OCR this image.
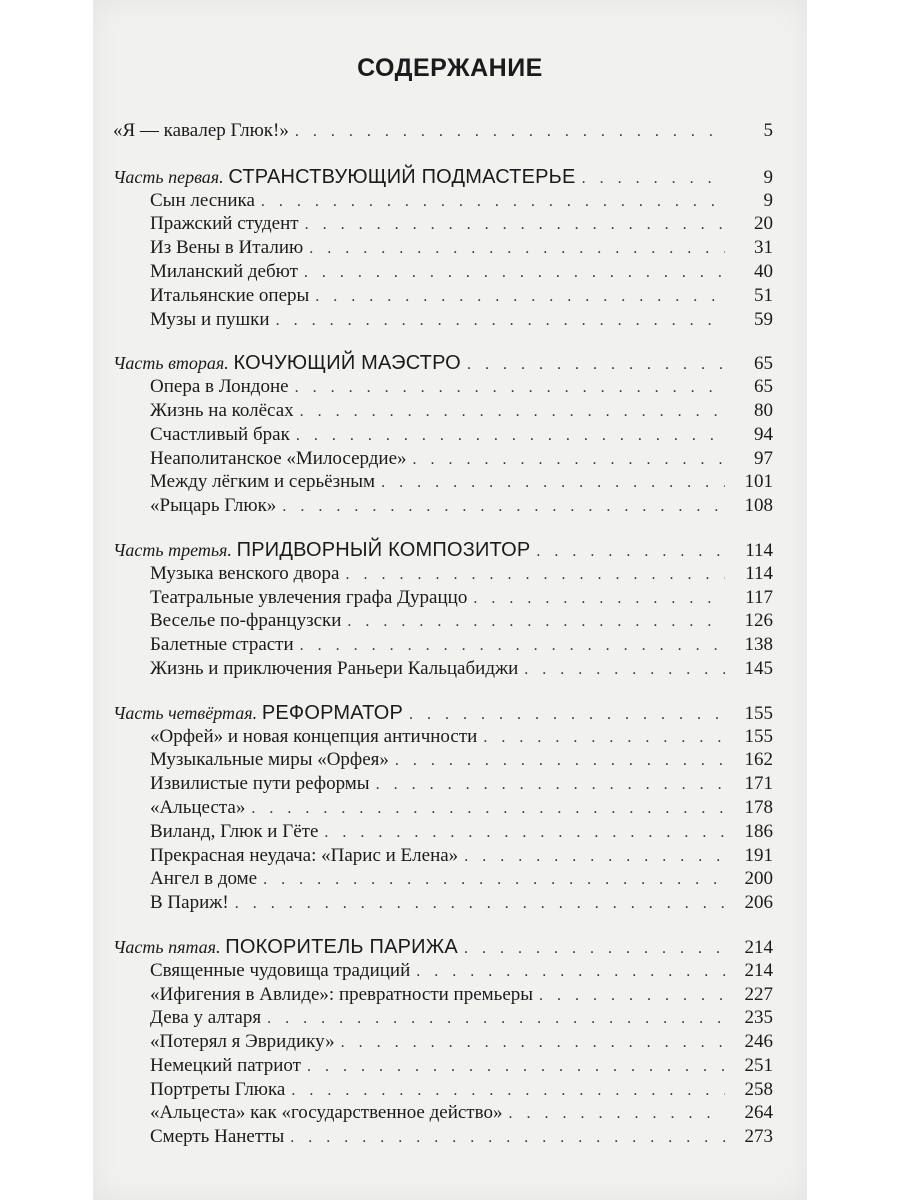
СОДЕРЖАНИЕ
«Я — кавалер Глюк!» . . .	5
Часть первая. СТРАНСТВУЮЩИЙ ПОДМАСТЕРЬЕ . . .	9
Сын лесника . . .	9
Пражский студент . . .	20
Из Вены в Италию . . .	31
Миланский дебют . . .	40
Итальянские оперы . . .	51
Музы и пушки . . .	59
Часть вторая. КОЧУЮЩИЙ МАЭСТРО . . .	65
Опера в Лондоне . . .	65
Жизнь на колёсах . . .	80
Счастливый брак . . .	94
Неаполитанское «Милосердие» . . .	97
Между лёгким и серьёзным . . .	101
«Рыцарь Глюк» . . .	108
Часть третья. ПРИДВОРНЫЙ КОМПОЗИТОР . . .	114
Музыка венского двора . . .	114
Театральные увлечения графа Дураццо . . .	117
Веселье по-французски . . .	126
Балетные страсти . . .	138
Жизнь и приключения Раньери Кальцабиджи . . .	145
Часть четвёртая. РЕФОРМАТОР . . .	155
«Орфей» и новая концепция античности . . .	155
Музыкальные миры «Орфея» . . .	162
Извилистые пути реформы . . .	171
«Альцеста» . . .	178
Виланд, Глюк и Гёте . . .	186
Прекрасная неудача: «Парис и Елена» . . .	191
Ангел в доме . . .	200
В Париж! . . .	206
Часть пятая. ПОКОРИТЕЛЬ ПАРИЖА . . .	214
Священные чудовища традиций . . .	214
«Ифигения в Авлиде»: превратности премьеры . . .	227
Дева у алтаря . . .	235
«Потерял я Эвридику» . . .	246
Немецкий патриот . . .	251
Портреты Глюка . . .	258
«Альцеста» как «государственное действо» . . .	264
Смерть Нанетты . . .	273
